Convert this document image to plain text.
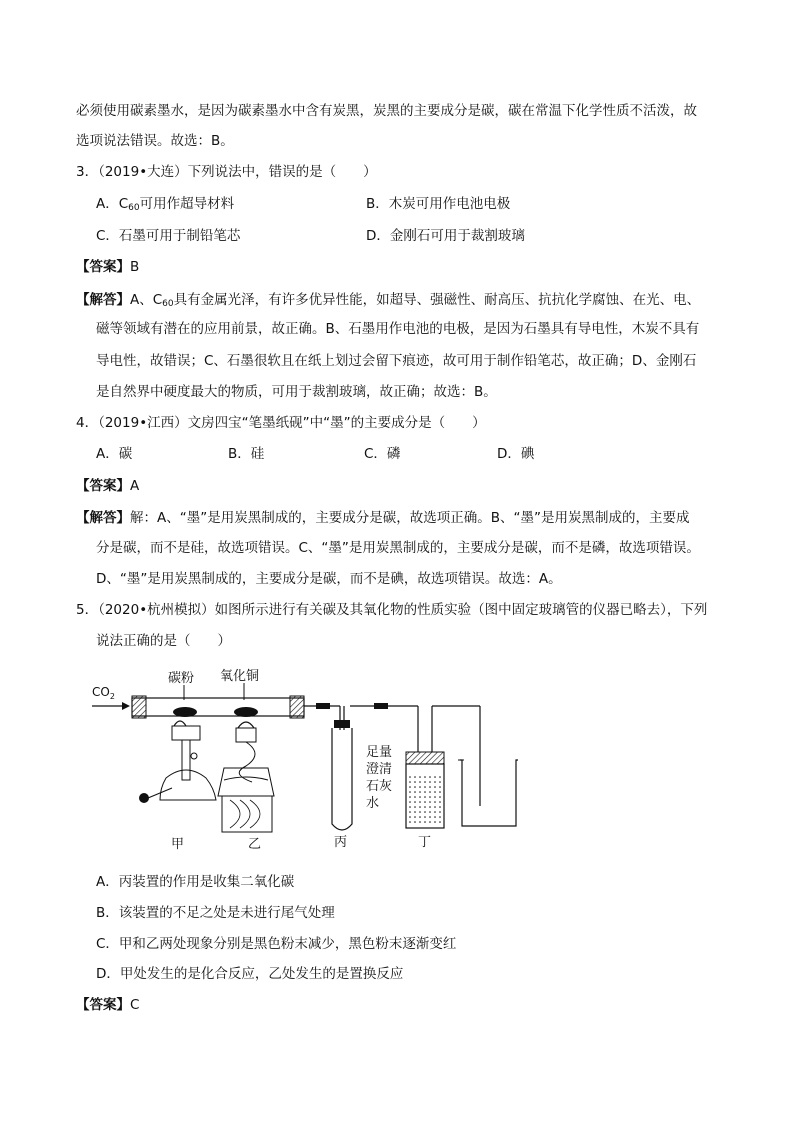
必须使用碳素墨水，是因为碳素墨水中含有炭黑，炭黑的主要成分是碳，碳在常温下化学性质不活泼，故
选项说法错误。故选：B。
3．（2019•大连）下列说法中，错误的是（　　）
A．$C_{60}$可用作超导材料	B．木炭可用作电池电极
C．石墨可用于制铅笔芯	D．金刚石可用于裁割玻璃
【答案】B
【解答】A、$C_{60}$具有金属光泽，有许多优异性能，如超导、强磁性、耐高压、抗抗化学腐蚀、在光、电、
磁等领域有潜在的应用前景，故正确。B、石墨用作电池的电极，是因为石墨具有导电性，木炭不具有
导电性，故错误；C、石墨很软且在纸上划过会留下痕迹，故可用于制作铅笔芯，故正确；D、金刚石
是自然界中硬度最大的物质，可用于裁割玻璃，故正确；故选：B。
4．（2019•江西）文房四宝“笔墨纸砚”中“墨”的主要成分是（　　）
A．碳	B．硅	C．磷	D．碘
【答案】A
【解答】解：A、“墨”是用炭黑制成的，主要成分是碳，故选项正确。B、“墨”是用炭黑制成的，主要成
分是碳，而不是硅，故选项错误。C、“墨”是用炭黑制成的，主要成分是碳，而不是磷，故选项错误。
D、“墨”是用炭黑制成的，主要成分是碳，而不是碘，故选项错误。故选：A。
5．（2020•杭州模拟）如图所示进行有关碳及其氧化物的性质实验（图中固定玻璃管的仪器已略去），下列
说法正确的是（　　）
$CO_2$
碳粉 氧化铜
甲	乙
足量
澄清
石灰
水
丙	丁
A．丙装置的作用是收集二氧化碳
B．该装置的不足之处是未进行尾气处理
C．甲和乙两处现象分别是黑色粉末减少，黑色粉末逐渐变红
D．甲处发生的是化合反应，乙处发生的是置换反应
【答案】C
